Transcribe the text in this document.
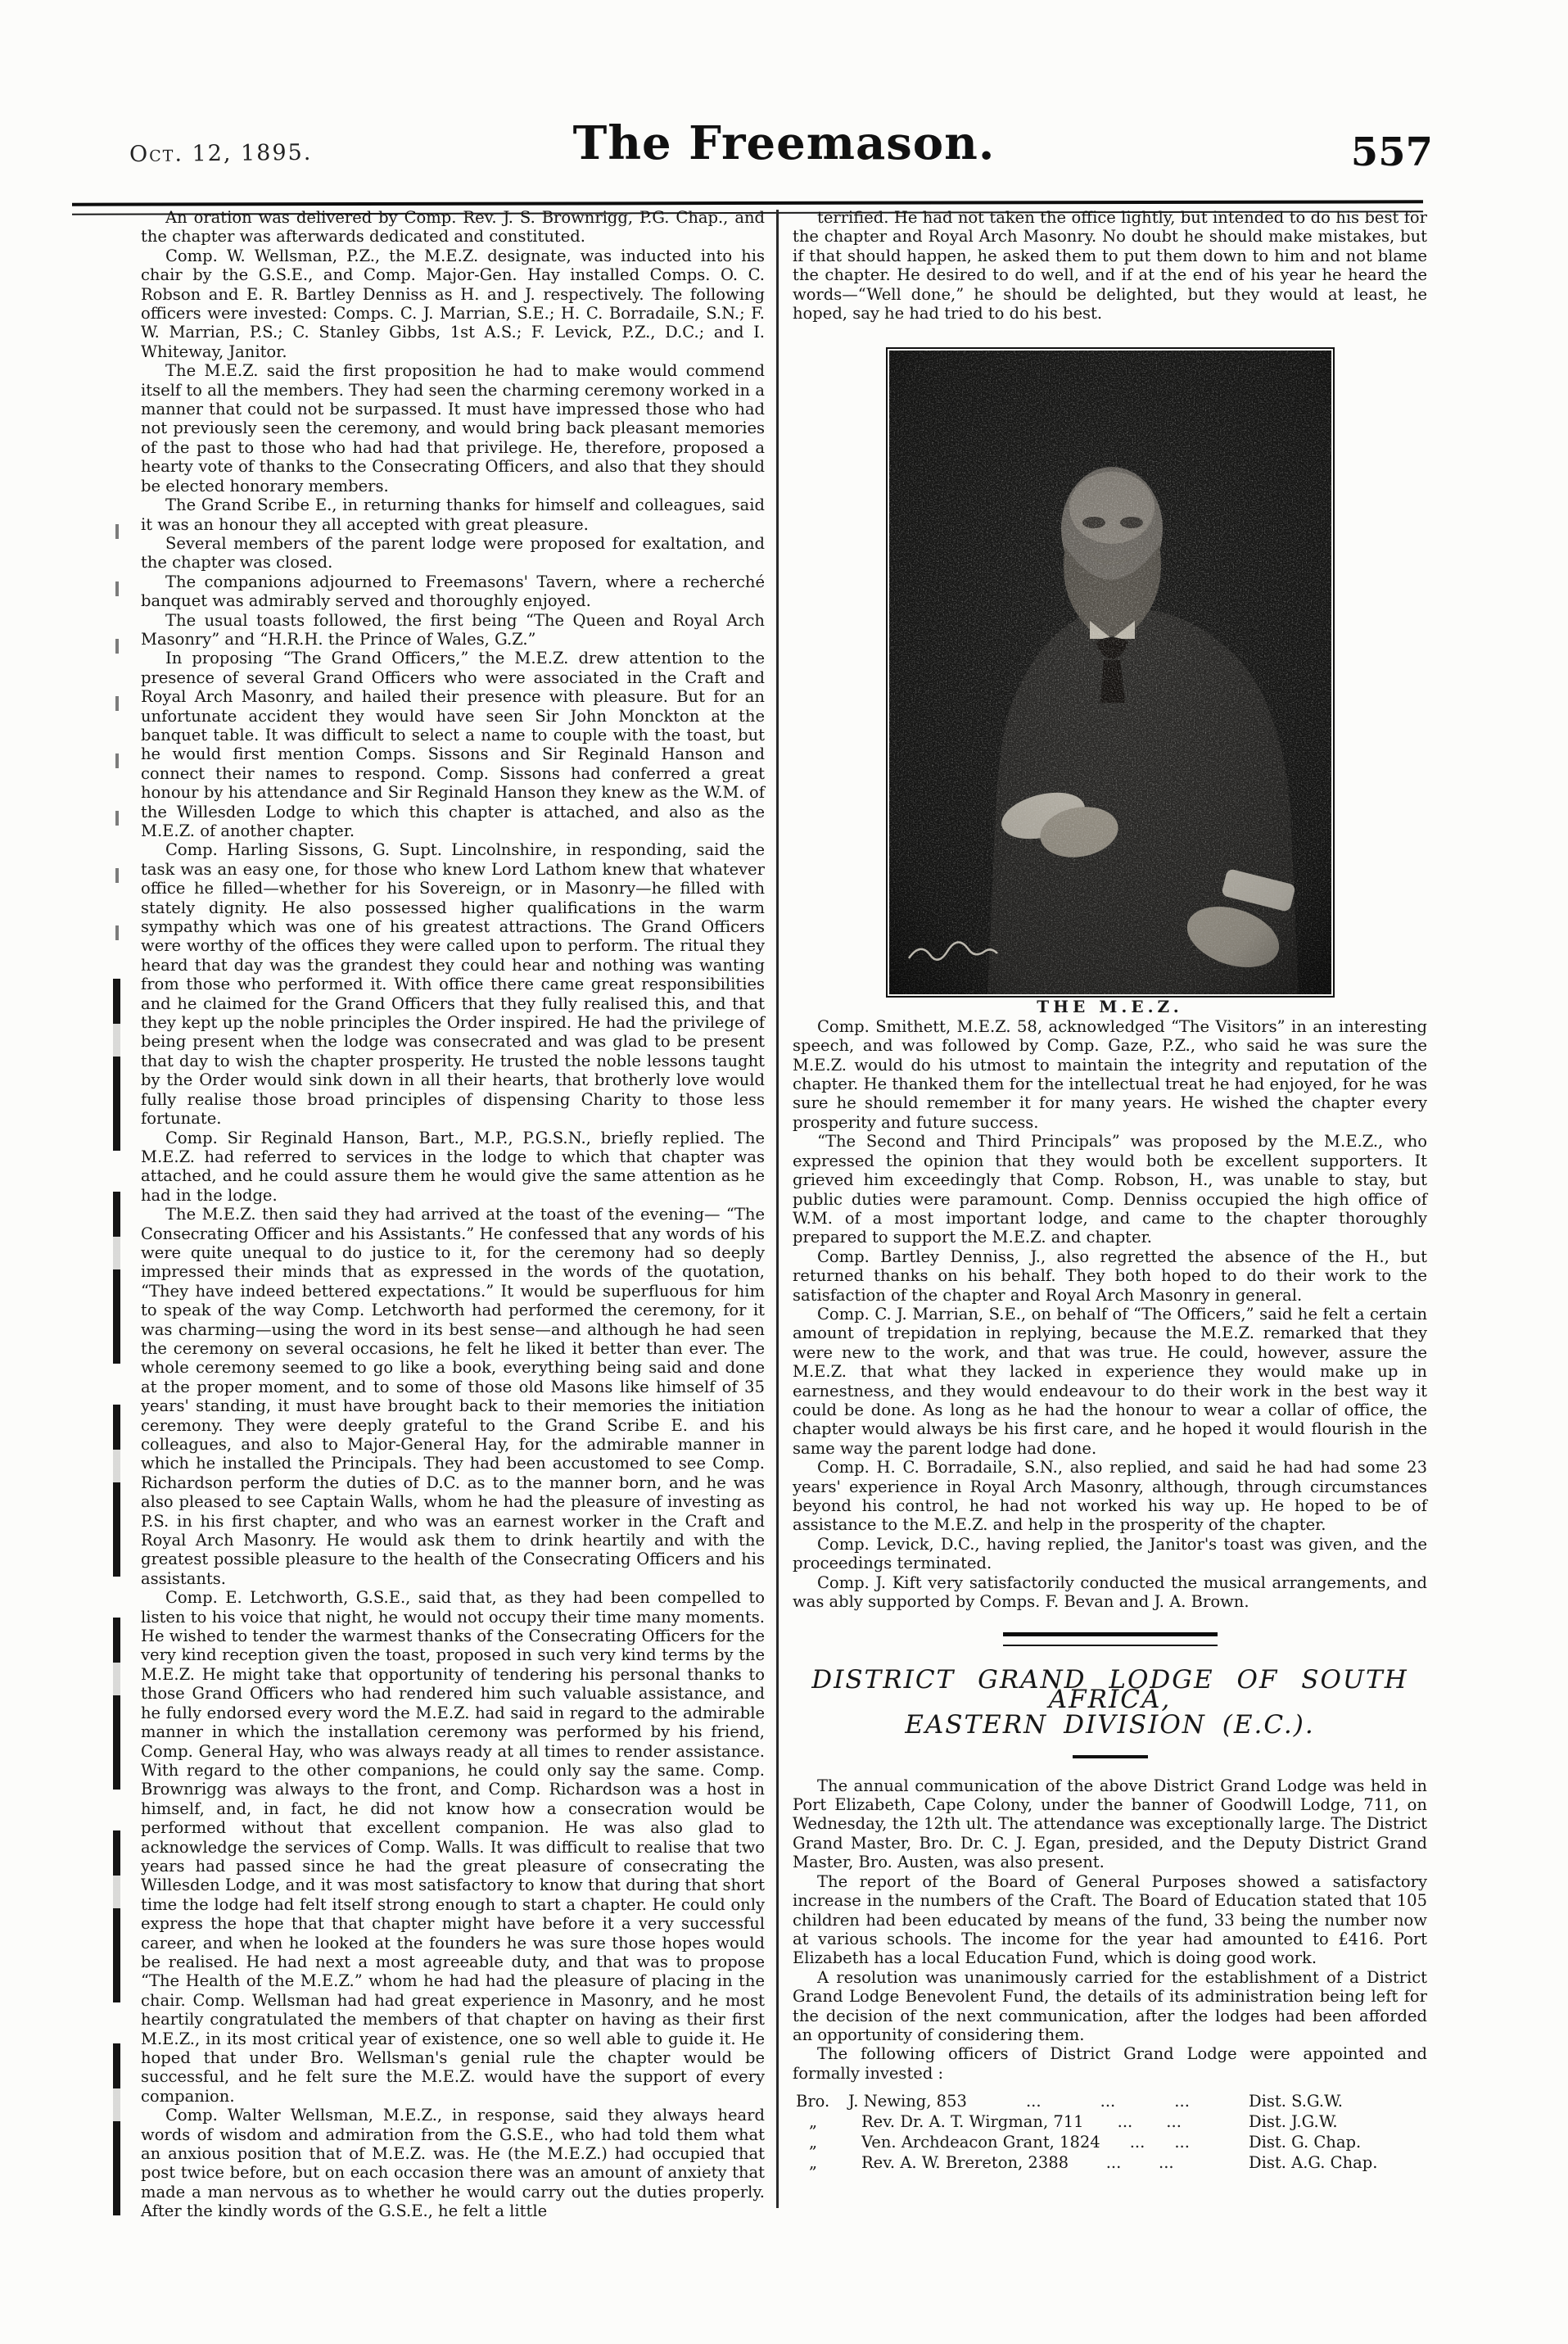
Oct. 12, 1895.	The Freemason.	557

An oration was delivered by Comp. Rev. J. S. Brownrigg, P.G. Chap., and the chapter was afterwards dedicated and constituted.

Comp. W. Wellsman, P.Z., the M.E.Z. designate, was inducted into his chair by the G.S.E., and Comp. Major-Gen. Hay installed Comps. O. C. Robson and E. R. Bartley Denniss as H. and J. respectively. The following officers were invested: Comps. C. J. Marrian, S.E.; H. C. Borradaile, S.N.; F. W. Marrian, P.S.; C. Stanley Gibbs, 1st A.S.; F. Levick, P.Z., D.C.; and I. Whiteway, Janitor.

The M.E.Z. said the first proposition he had to make would commend itself to all the members. They had seen the charming ceremony worked in a manner that could not be surpassed. It must have impressed those who had not previously seen the ceremony, and would bring back pleasant memories of the past to those who had had that privilege. He, therefore, proposed a hearty vote of thanks to the Consecrating Officers, and also that they should be elected honorary members.

The Grand Scribe E., in returning thanks for himself and colleagues, said it was an honour they all accepted with great pleasure.

Several members of the parent lodge were proposed for exaltation, and the chapter was closed.

The companions adjourned to Freemasons' Tavern, where a recherché banquet was admirably served and thoroughly enjoyed.

The usual toasts followed, the first being “The Queen and Royal Arch Masonry” and “H.R.H. the Prince of Wales, G.Z.”

In proposing “The Grand Officers,” the M.E.Z. drew attention to the presence of several Grand Officers who were associated in the Craft and Royal Arch Masonry, and hailed their presence with pleasure. But for an unfortunate accident they would have seen Sir John Monckton at the banquet table. It was difficult to select a name to couple with the toast, but he would first mention Comps. Sissons and Sir Reginald Hanson and connect their names to respond. Comp. Sissons had conferred a great honour by his attendance and Sir Reginald Hanson they knew as the W.M. of the Willesden Lodge to which this chapter is attached, and also as the M.E.Z. of another chapter.

Comp. Harling Sissons, G. Supt. Lincolnshire, in responding, said the task was an easy one, for those who knew Lord Lathom knew that whatever office he filled—whether for his Sovereign, or in Masonry—he filled with stately dignity. He also possessed higher qualifications in the warm sympathy which was one of his greatest attractions. The Grand Officers were worthy of the offices they were called upon to perform. The ritual they heard that day was the grandest they could hear and nothing was wanting from those who performed it. With office there came great responsibilities and he claimed for the Grand Officers that they fully realised this, and that they kept up the noble principles the Order inspired. He had the privilege of being present when the lodge was consecrated and was glad to be present that day to wish the chapter prosperity. He trusted the noble lessons taught by the Order would sink down in all their hearts, that brotherly love would fully realise those broad principles of dispensing Charity to those less fortunate.

Comp. Sir Reginald Hanson, Bart., M.P., P.G.S.N., briefly replied. The M.E.Z. had referred to services in the lodge to which that chapter was attached, and he could assure them he would give the same attention as he had in the lodge.

The M.E.Z. then said they had arrived at the toast of the evening— “The Consecrating Officer and his Assistants.” He confessed that any words of his were quite unequal to do justice to it, for the ceremony had so deeply impressed their minds that as expressed in the words of the quotation, “They have indeed bettered expectations.” It would be superfluous for him to speak of the way Comp. Letchworth had performed the ceremony, for it was charming—using the word in its best sense—and although he had seen the ceremony on several occasions, he felt he liked it better than ever. The whole ceremony seemed to go like a book, everything being said and done at the proper moment, and to some of those old Masons like himself of 35 years' standing, it must have brought back to their memories the initiation ceremony. They were deeply grateful to the Grand Scribe E. and his colleagues, and also to Major-General Hay, for the admirable manner in which he installed the Principals. They had been accustomed to see Comp. Richardson perform the duties of D.C. as to the manner born, and he was also pleased to see Captain Walls, whom he had the pleasure of investing as P.S. in his first chapter, and who was an earnest worker in the Craft and Royal Arch Masonry. He would ask them to drink heartily and with the greatest possible pleasure to the health of the Consecrating Officers and his assistants.

Comp. E. Letchworth, G.S.E., said that, as they had been compelled to listen to his voice that night, he would not occupy their time many moments. He wished to tender the warmest thanks of the Consecrating Officers for the very kind reception given the toast, proposed in such very kind terms by the M.E.Z. He might take that opportunity of tendering his personal thanks to those Grand Officers who had rendered him such valuable assistance, and he fully endorsed every word the M.E.Z. had said in regard to the admirable manner in which the installation ceremony was performed by his friend, Comp. General Hay, who was always ready at all times to render assistance. With regard to the other companions, he could only say the same. Comp. Brownrigg was always to the front, and Comp. Richardson was a host in himself, and, in fact, he did not know how a consecration would be performed without that excellent companion. He was also glad to acknowledge the services of Comp. Walls. It was difficult to realise that two years had passed since he had the great pleasure of consecrating the Willesden Lodge, and it was most satisfactory to know that during that short time the lodge had felt itself strong enough to start a chapter. He could only express the hope that that chapter might have before it a very successful career, and when he looked at the founders he was sure those hopes would be realised. He had next a most agreeable duty, and that was to propose “The Health of the M.E.Z.” whom he had had the pleasure of placing in the chair. Comp. Wellsman had had great experience in Masonry, and he most heartily congratulated the members of that chapter on having as their first M.E.Z., in its most critical year of existence, one so well able to guide it. He hoped that under Bro. Wellsman's genial rule the chapter would be successful, and he felt sure the M.E.Z. would have the support of every companion.

Comp. Walter Wellsman, M.E.Z., in response, said they always heard words of wisdom and admiration from the G.S.E., who had told them what an anxious position that of M.E.Z. was. He (the M.E.Z.) had occupied that post twice before, but on each occasion there was an amount of anxiety that made a man nervous as to whether he would carry out the duties properly. After the kindly words of the G.S.E., he felt a little

terrified. He had not taken the office lightly, but intended to do his best for the chapter and Royal Arch Masonry. No doubt he should make mistakes, but if that should happen, he asked them to put them down to him and not blame the chapter. He desired to do well, and if at the end of his year he heard the words—“Well done,” he should be delighted, but they would at least, he hoped, say he had tried to do his best.

THE M.E.Z.

Comp. Smithett, M.E.Z. 58, acknowledged “The Visitors” in an interesting speech, and was followed by Comp. Gaze, P.Z., who said he was sure the M.E.Z. would do his utmost to maintain the integrity and reputation of the chapter. He thanked them for the intellectual treat he had enjoyed, for he was sure he should remember it for many years. He wished the chapter every prosperity and future success.

“The Second and Third Principals” was proposed by the M.E.Z., who expressed the opinion that they would both be excellent supporters. It grieved him exceedingly that Comp. Robson, H., was unable to stay, but public duties were paramount. Comp. Denniss occupied the high office of W.M. of a most important lodge, and came to the chapter thoroughly prepared to support the M.E.Z. and chapter.

Comp. Bartley Denniss, J., also regretted the absence of the H., but returned thanks on his behalf. They both hoped to do their work to the satisfaction of the chapter and Royal Arch Masonry in general.

Comp. C. J. Marrian, S.E., on behalf of “The Officers,” said he felt a certain amount of trepidation in replying, because the M.E.Z. remarked that they were new to the work, and that was true. He could, however, assure the M.E.Z. that what they lacked in experience they would make up in earnestness, and they would endeavour to do their work in the best way it could be done. As long as he had the honour to wear a collar of office, the chapter would always be his first care, and he hoped it would flourish in the same way the parent lodge had done.

Comp. H. C. Borradaile, S.N., also replied, and said he had had some 23 years' experience in Royal Arch Masonry, although, through circumstances beyond his control, he had not worked his way up. He hoped to be of assistance to the M.E.Z. and help in the prosperity of the chapter.

Comp. Levick, D.C., having replied, the Janitor's toast was given, and the proceedings terminated.

Comp. J. Kift very satisfactorily conducted the musical arrangements, and was ably supported by Comps. F. Bevan and J. A. Brown.

DISTRICT GRAND LODGE OF SOUTH AFRICA,
EASTERN DIVISION (E.C.).

The annual communication of the above District Grand Lodge was held in Port Elizabeth, Cape Colony, under the banner of Goodwill Lodge, 711, on Wednesday, the 12th ult. The attendance was exceptionally large. The District Grand Master, Bro. Dr. C. J. Egan, presided, and the Deputy District Grand Master, Bro. Austen, was also present.

The report of the Board of General Purposes showed a satisfactory increase in the numbers of the Craft. The Board of Education stated that 105 children had been educated by means of the fund, 33 being the number now at various schools. The income for the year had amounted to £416. Port Elizabeth has a local Education Fund, which is doing good work.

A resolution was unanimously carried for the establishment of a District Grand Lodge Benevolent Fund, the details of its administration being left for the decision of the next communication, after the lodges had been afforded an opportunity of considering them.

The following officers of District Grand Lodge were appointed and formally invested :

Bro.	J. Newing, 853	...	...	...	Dist. S.G.W.
„	Rev. Dr. A. T. Wirgman, 711 ... ...	Dist. J.G.W.
„	Ven. Archdeacon Grant, 1824 ... ...	Dist. G. Chap.
„	Rev. A. W. Brereton, 2388 ... ...	Dist. A.G. Chap.
